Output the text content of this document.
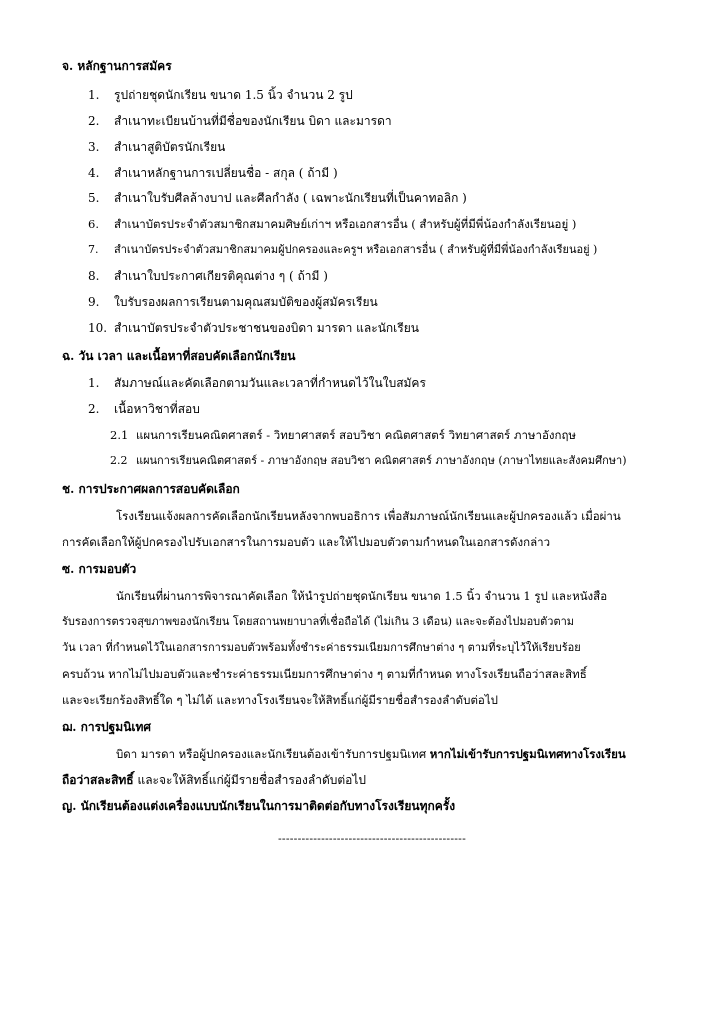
จ. หลักฐานการสมัคร
1. รูปถ่ายชุดนักเรียน ขนาด 1.5 นิ้ว จำนวน 2 รูป
2. สำเนาทะเบียนบ้านที่มีชื่อของนักเรียน บิดา และมารดา
3. สำเนาสูติบัตรนักเรียน
4. สำเนาหลักฐานการเปลี่ยนชื่อ - สกุล ( ถ้ามี )
5. สำเนาใบรับศีลล้างบาป และศีลกำลัง ( เฉพาะนักเรียนที่เป็นคาทอลิก )
6. สำเนาบัตรประจำตัวสมาชิกสมาคมศิษย์เก่าฯ หรือเอกสารอื่น ( สำหรับผู้ที่มีพี่น้องกำลังเรียนอยู่ )
7. สำเนาบัตรประจำตัวสมาชิกสมาคมผู้ปกครองและครูฯ หรือเอกสารอื่น ( สำหรับผู้ที่มีพี่น้องกำลังเรียนอยู่ )
8. สำเนาใบประกาศเกียรติคุณต่าง ๆ ( ถ้ามี )
9. ใบรับรองผลการเรียนตามคุณสมบัติของผู้สมัครเรียน
10. สำเนาบัตรประจำตัวประชาชนของบิดา มารดา และนักเรียน
ฉ. วัน เวลา และเนื้อหาที่สอบคัดเลือกนักเรียน
1. สัมภาษณ์และคัดเลือกตามวันและเวลาที่กำหนดไว้ในใบสมัคร
2. เนื้อหาวิชาที่สอบ
2.1 แผนการเรียนคณิตศาสตร์ - วิทยาศาสตร์ สอบวิชา คณิตศาสตร์ วิทยาศาสตร์ ภาษาอังกฤษ
2.2 แผนการเรียนคณิตศาสตร์ - ภาษาอังกฤษ สอบวิชา คณิตศาสตร์ ภาษาอังกฤษ (ภาษาไทยและสังคมศึกษา)
ช. การประกาศผลการสอบคัดเลือก
โรงเรียนแจ้งผลการคัดเลือกนักเรียนหลังจากพบอธิการ เพื่อสัมภาษณ์นักเรียนและผู้ปกครองแล้ว เมื่อผ่าน
การคัดเลือกให้ผู้ปกครองไปรับเอกสารในการมอบตัว และให้ไปมอบตัวตามกำหนดในเอกสารดังกล่าว
ซ. การมอบตัว
นักเรียนที่ผ่านการพิจารณาคัดเลือก ให้นำรูปถ่ายชุดนักเรียน ขนาด 1.5 นิ้ว จำนวน 1 รูป และหนังสือ
รับรองการตรวจสุขภาพของนักเรียน โดยสถานพยาบาลที่เชื่อถือได้ (ไม่เกิน 3 เดือน) และจะต้องไปมอบตัวตาม
วัน เวลา ที่กำหนดไว้ในเอกสารการมอบตัวพร้อมทั้งชำระค่าธรรมเนียมการศึกษาต่าง ๆ ตามที่ระบุไว้ให้เรียบร้อย
ครบถ้วน หากไม่ไปมอบตัวและชำระค่าธรรมเนียมการศึกษาต่าง ๆ ตามที่กำหนด ทางโรงเรียนถือว่าสละสิทธิ์
และจะเรียกร้องสิทธิ์ใด ๆ ไม่ได้ และทางโรงเรียนจะให้สิทธิ์แก่ผู้มีรายชื่อสำรองลำดับต่อไป
ฌ. การปฐมนิเทศ
บิดา มารดา หรือผู้ปกครองและนักเรียนต้องเข้ารับการปฐมนิเทศ หากไม่เข้ารับการปฐมนิเทศทางโรงเรียน
ถือว่าสละสิทธิ์ และจะให้สิทธิ์แก่ผู้มีรายชื่อสำรองลำดับต่อไป
ญ. นักเรียนต้องแต่งเครื่องแบบนักเรียนในการมาติดต่อกับทางโรงเรียนทุกครั้ง
------------------------------------------------
